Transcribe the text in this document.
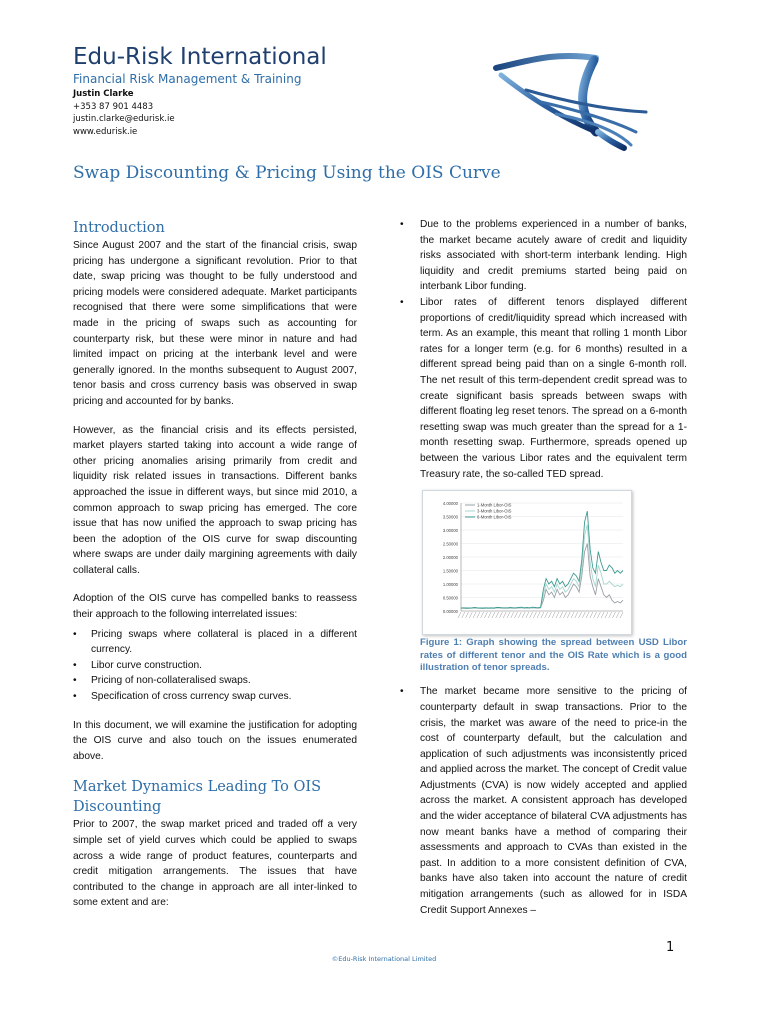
Edu-Risk International
Financial Risk Management & Training
Justin Clarke
+353 87 901 4483
justin.clarke@edurisk.ie
www.edurisk.ie
Swap Discounting & Pricing Using the OIS Curve
Introduction

Since August 2007 and the start of the financial crisis, swap pricing has undergone a significant revolution. Prior to that date, swap pricing was thought to be fully understood and pricing models were considered adequate. Market participants recognised that there were some simplifications that were made in the pricing of swaps such as accounting for counterparty risk, but these were minor in nature and had limited impact on pricing at the interbank level and were generally ignored. In the months subsequent to August 2007, tenor basis and cross currency basis was observed in swap pricing and accounted for by banks.

However, as the financial crisis and its effects persisted, market players started taking into account a wide range of other pricing anomalies arising primarily from credit and liquidity risk related issues in transactions. Different banks approached the issue in different ways, but since mid 2010, a common approach to swap pricing has emerged. The core issue that has now unified the approach to swap pricing has been the adoption of the OIS curve for swap discounting where swaps are under daily margining agreements with daily collateral calls.

Adoption of the OIS curve has compelled banks to reassess their approach to the following interrelated issues:

• Pricing swaps where collateral is placed in a different currency.
• Libor curve construction.
• Pricing of non-collateralised swaps.
• Specification of cross currency swap curves.

In this document, we will examine the justification for adopting the OIS curve and also touch on the issues enumerated above.

Market Dynamics Leading To OIS Discounting

Prior to 2007, the swap market priced and traded off a very simple set of yield curves which could be applied to swaps across a wide range of product features, counterparts and credit mitigation arrangements. The issues that have contributed to the change in approach are all inter-linked to some extent and are:

• Due to the problems experienced in a number of banks, the market became acutely aware of credit and liquidity risks associated with short-term interbank lending. High liquidity and credit premiums started being paid on interbank Libor funding.
• Libor rates of different tenors displayed different proportions of credit/liquidity spread which increased with term. As an example, this meant that rolling 1 month Libor rates for a longer term (e.g. for 6 months) resulted in a different spread being paid than on a single 6-month roll. The net result of this term-dependent credit spread was to create significant basis spreads between swaps with different floating leg reset tenors. The spread on a 6-month resetting swap was much greater than the spread for a 1-month resetting swap. Furthermore, spreads opened up between the various Libor rates and the equivalent term Treasury rate, the so-called TED spread.
0.00000
0.50000
1.00000
1.50000
2.00000
2.50000
3.00000
3.50000
4.00000	1-Month Libor-OIS
3-Month Libor-OIS
6-Month Libor-OIS
Figure 1: Graph showing the spread between USD Libor rates of different tenor and the OIS Rate which is a good illustration of tenor spreads.
• The market became more sensitive to the pricing of counterparty default in swap transactions. Prior to the crisis, the market was aware of the need to price-in the cost of counterparty default, but the calculation and application of such adjustments was inconsistently priced and applied across the market. The concept of Credit value Adjustments (CVA) is now widely accepted and applied across the market. A consistent approach has developed and the wider acceptance of bilateral CVA adjustments has now meant banks have a method of comparing their assessments and approach to CVAs than existed in the past. In addition to a more consistent definition of CVA, banks have also taken into account the nature of credit mitigation arrangements (such as allowed for in ISDA Credit Support Annexes –
1
©Edu-Risk International Limited
